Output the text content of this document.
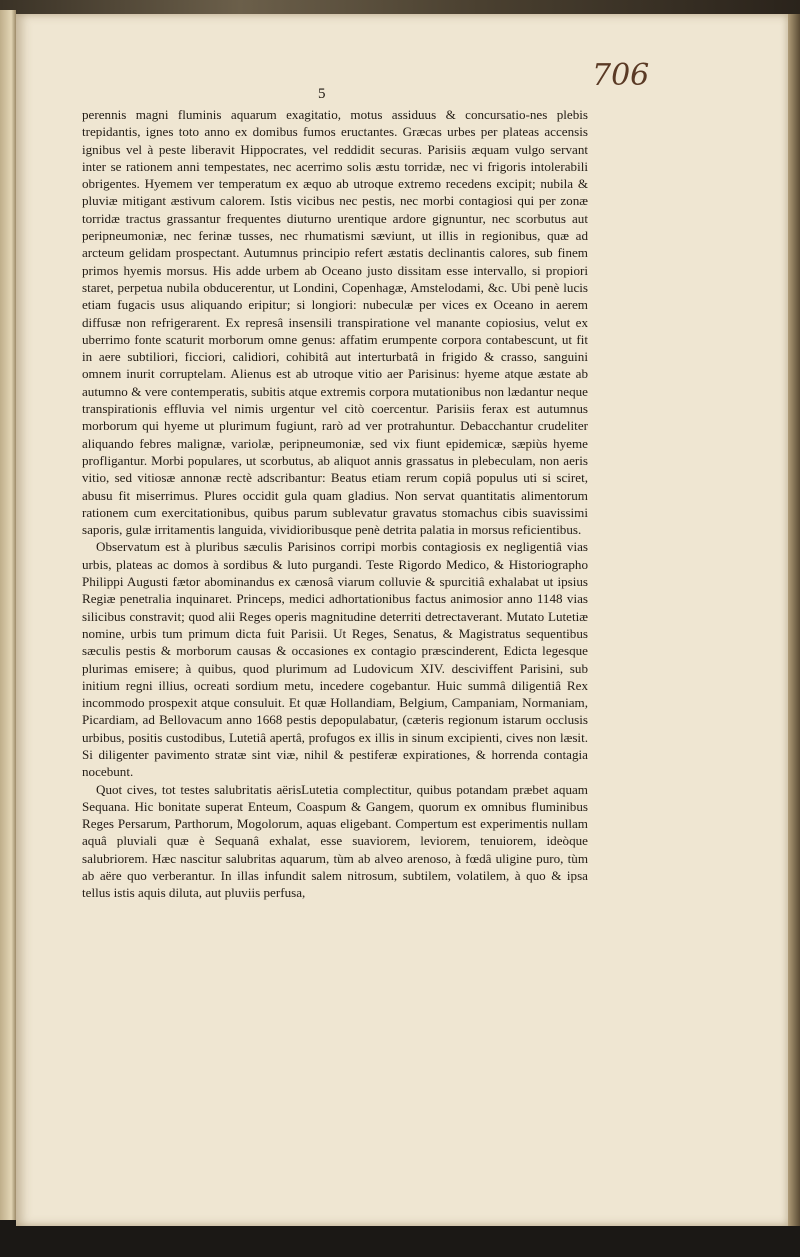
706
5

perennis magni fluminis aquarum exagitatio, motus assiduus & concursatio-nes plebis trepidantis, ignes toto anno ex domibus fumos eructantes. Græcas urbes per plateas accensis ignibus vel à peste liberavit Hippocrates, vel reddidit securas. Parisiis æquam vulgo servant inter se rationem anni tempestates, nec acerrimo solis æstu torridæ, nec vi frigoris intolerabili obrigentes. Hyemem ver temperatum ex æquo ab utroque extremo recedens excipit; nubila & pluviæ mitigant æstivum calorem. Istis vicibus nec pestis, nec morbi contagiosi qui per zonæ torridæ tractus grassantur frequentes diuturno urentique ardore gignuntur, nec scorbutus aut peripneumoniæ, nec ferinæ tusses, nec rhumatismi sæviunt, ut illis in regionibus, quæ ad arcteum gelidam prospectant. Autumnus principio refert æstatis declinantis calores, sub finem primos hyemis morsus. His adde urbem ab Oceano justo dissitam esse intervallo, si propiori staret, perpetua nubila obducerentur, ut Londini, Copenhagæ, Amstelodami, &c. Ubi penè lucis etiam fugacis usus aliquando eripitur; si longiori: nubeculæ per vices ex Oceano in aerem diffusæ non refrigerarent. Ex represâ insensili transpiratione vel manante copiosius, velut ex uberrimo fonte scaturit morborum omne genus: affatim erumpente corpora contabescunt, ut fit in aere subtiliori, ficciori, calidiori, cohibitâ aut interturbatâ in frigido & crasso, sanguini omnem inurit corruptelam. Alienus est ab utroque vitio aer Parisinus: hyeme atque æstate ab autumno & vere contemperatis, subitis atque extremis corpora mutationibus non lædantur neque transpirationis effluvia vel nimis urgentur vel citò coercentur. Parisiis ferax est autumnus morborum qui hyeme ut plurimum fugiunt, rarò ad ver protrahuntur. Debacchantur crudeliter aliquando febres malignæ, variolæ, peripneumoniæ, sed vix fiunt epidemicæ, sæpiùs hyeme profligantur. Morbi populares, ut scorbutus, ab aliquot annis grassatus in plebeculam, non aeris vitio, sed vitiosæ annonæ rectè adscribantur: Beatus etiam rerum copiâ populus uti si sciret, abusu fit miserrimus. Plures occidit gula quam gladius. Non servat quantitatis alimentorum rationem cum exercitationibus, quibus parum sublevatur gravatus stomachus cibis suavissimi saporis, gulæ irritamentis languida, vividioribusque penè detrita palatia in morsus reficientibus.

Observatum est à pluribus sæculis Parisinos corripi morbis contagiosis ex negligentiâ vias urbis, plateas ac domos à sordibus & luto purgandi. Teste Rigordo Medico, & Historiographo Philippi Augusti fætor abominandus ex cænosâ viarum colluvie & spurcitiâ exhalabat ut ipsius Regiæ penetralia inquinaret. Princeps, medici adhortationibus factus animosior anno 1148 vias silicibus constravit; quod alii Reges operis magnitudine deterriti detrectaverant. Mutato Lutetiæ nomine, urbis tum primum dicta fuit Parisii. Ut Reges, Senatus, & Magistratus sequentibus sæculis pestis & morborum causas & occasiones ex contagio præscinderent, Edicta legesque plurimas emisere; à quibus, quod plurimum ad Ludovicum XIV. desciviffent Parisini, sub initium regni illius, ocreati sordium metu, incedere cogebantur. Huic summâ diligentiâ Rex incommodo prospexit atque consuluit. Et quæ Hollandiam, Belgium, Campaniam, Normaniam, Picardiam, ad Bellovacum anno 1668 pestis depopulabatur, (cæteris regionum istarum occlusis urbibus, positis custodibus, Lutetiâ apertâ, profugos ex illis in sinum excipienti, cives non læsit. Si diligenter pavimento stratæ sint viæ, nihil & pestiferæ expirationes, & horrenda contagia nocebunt.

Quot cives, tot testes salubritatis aërisLutetia complectitur, quibus potandam præbet aquam Sequana. Hic bonitate superat Enteum, Coaspum & Gangem, quorum ex omnibus fluminibus Reges Persarum, Parthorum, Mogolorum, aquas eligebant. Compertum est experimentis nullam aquâ pluviali quæ è Sequanâ exhalat, esse suaviorem, leviorem, tenuiorem, ideòque salubriorem. Hæc nascitur salubritas aquarum, tùm ab alveo arenoso, à fœdâ uligine puro, tùm ab aëre quo verberantur. In illas infundit salem nitrosum, subtilem, volatilem, à quo & ipsa tellus istis aquis diluta, aut pluviis perfusa,
